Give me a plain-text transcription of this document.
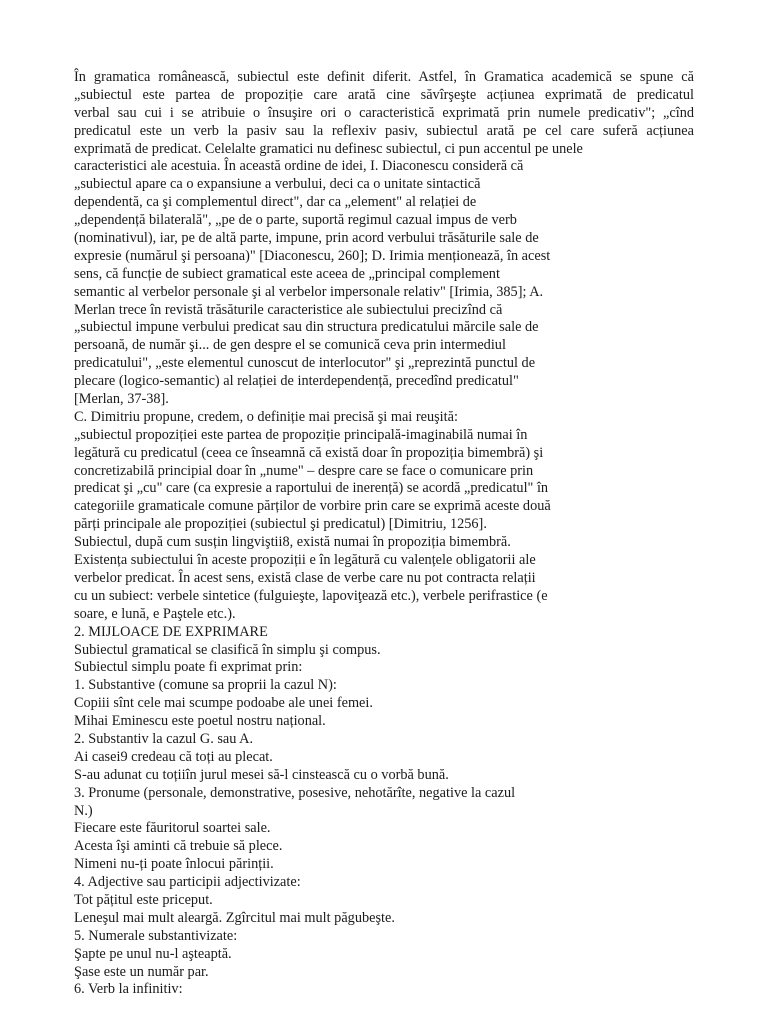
În gramatica românească, subiectul este definit diferit. Astfel, în Gramatica academică se spune că
„subiectul este partea de propoziție care arată cine săvîrşeşte acțiunea exprimată de predicatul
verbal sau cui i se atribuie o însuşire ori o caracteristică exprimată prin numele predicativ"; „cînd
predicatul este un verb la pasiv sau la reflexiv pasiv, subiectul arată pe cel care suferă acțiunea
exprimată de predicat. Celelalte gramatici nu definesc subiectul, ci pun accentul pe unele
caracteristici ale acestuia. În această ordine de idei, I. Diaconescu consideră că
„subiectul apare ca o expansiune a verbului, deci ca o unitate sintactică
dependentă, ca şi complementul direct", dar ca „element" al relației de
„dependență bilaterală", „pe de o parte, suportă regimul cazual impus de verb
(nominativul), iar, pe de altă parte, impune, prin acord verbului trăsăturile sale de
expresie (numărul şi persoana)" [Diaconescu, 260]; D. Irimia menționează, în acest
sens, că funcție de subiect gramatical este aceea de „principal complement
semantic al verbelor personale şi al verbelor impersonale relativ" [Irimia, 385]; A.
Merlan trece în revistă trăsăturile caracteristice ale subiectului precizînd că
„subiectul impune verbului predicat sau din structura predicatului mărcile sale de
persoană, de număr şi... de gen despre el se comunică ceva prin intermediul
predicatului", „este elementul cunoscut de interlocutor" şi „reprezintă punctul de
plecare (logico-semantic) al relației de interdependență, precedînd predicatul"
[Merlan, 37-38].
C. Dimitriu propune, credem, o definiție mai precisă şi mai reuşită:
„subiectul propoziției este partea de propoziție principală-imaginabilă numai în
legătură cu predicatul (ceea ce înseamnă că există doar în propoziția bimembră) şi
concretizabilă principial doar în „nume" – despre care se face o comunicare prin
predicat şi „cu" care (ca expresie a raportului de inerență) se acordă „predicatul" în
categoriile gramaticale comune părților de vorbire prin care se exprimă aceste două
părți principale ale propoziției (subiectul şi predicatul) [Dimitriu, 1256].
Subiectul, după cum susțin lingviştii8, există numai în propoziția bimembră.
Existența subiectului în aceste propoziții e în legătură cu valențele obligatorii ale
verbelor predicat. În acest sens, există clase de verbe care nu pot contracta relații
cu un subiect: verbele sintetice (fulguieşte, lapoviţează etc.), verbele perifrastice (e
soare, e lună, e Paştele etc.).
2. MIJLOACE DE EXPRIMARE
Subiectul gramatical se clasifică în simplu şi compus.
Subiectul simplu poate fi exprimat prin:
1. Substantive (comune sa proprii la cazul N):
Copiii sînt cele mai scumpe podoabe ale unei femei.
Mihai Eminescu este poetul nostru național.
2. Substantiv la cazul G. sau A.
Ai casei9 credeau că toți au plecat.
S-au adunat cu toțiiîn jurul mesei să-l cinstească cu o vorbă bună.
3. Pronume (personale, demonstrative, posesive, nehotărîte, negative la cazul
N.)
Fiecare este făuritorul soartei sale.
Acesta îşi aminti că trebuie să plece.
Nimeni nu-ți poate înlocui părinții.
4. Adjective sau participii adjectivizate:
Tot pățitul este priceput.
Leneşul mai mult aleargă. Zgîrcitul mai mult păgubeşte.
5. Numerale substantivizate:
Şapte pe unul nu-l aşteaptă.
Şase este un număr par.
6. Verb la infinitiv:
